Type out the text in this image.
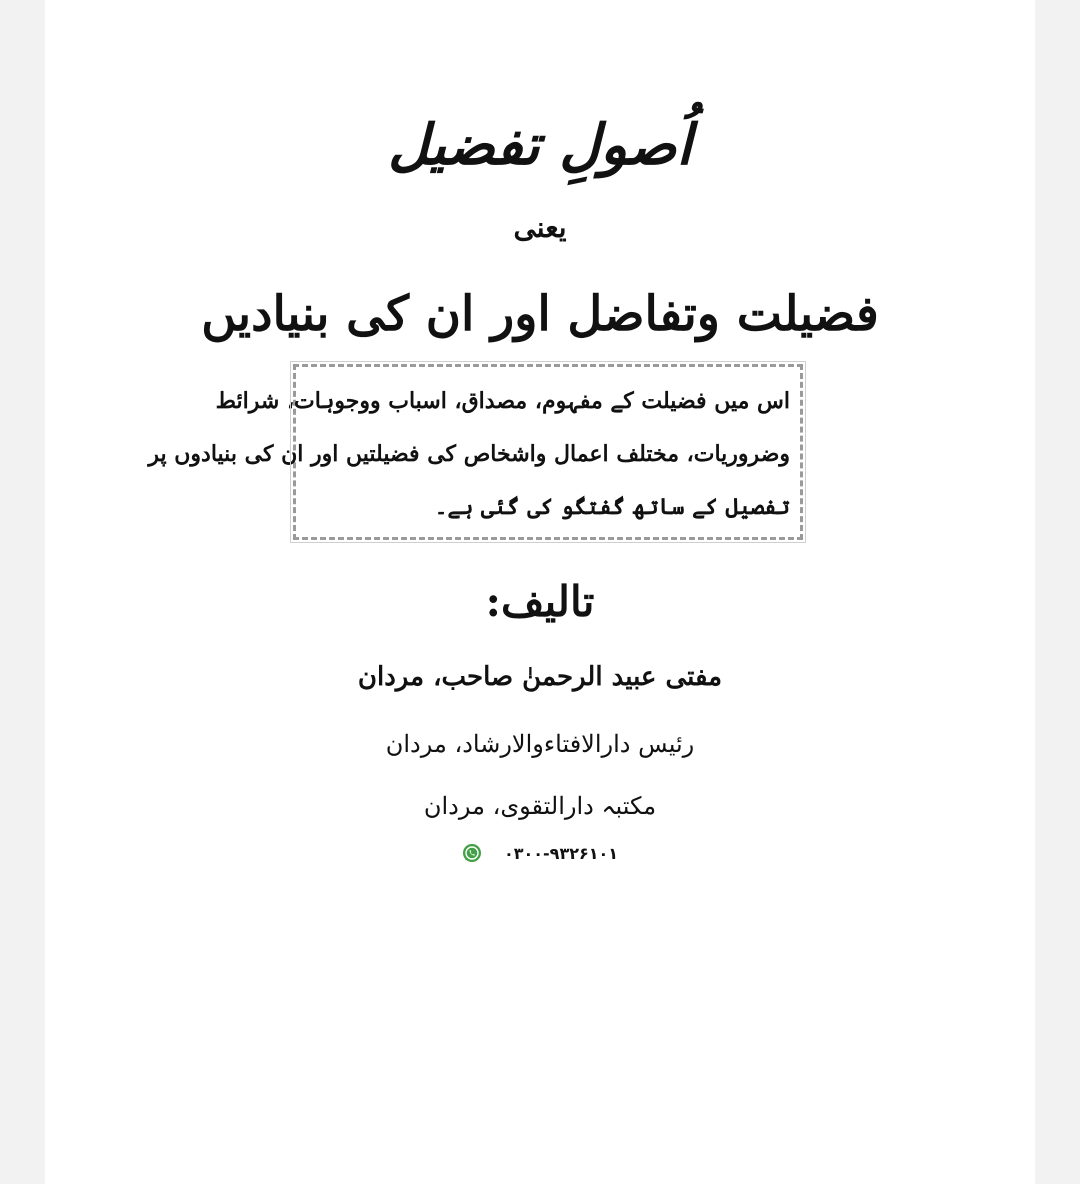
اُصولِ تفضیل
یعنی
فضیلت وتفاضل اور ان کی بنیادیں
اس میں فضیلت کے مفہوم، مصداق، اسباب ووجوہات، شرائط
وضروریات، مختلف اعمال واشخاص کی فضیلتیں اور ان کی بنیادوں پر
تفصیل کے ساتھ گفتگو کی گئی ہے۔
تالیف:
مفتی عبید الرحمنٰ صاحب، مردان
رئیس دارالافتاءوالارشاد، مردان
مکتبہ دارالتقوی، مردان
۰۳۰۰-۹۳۲۶۱۰۱
